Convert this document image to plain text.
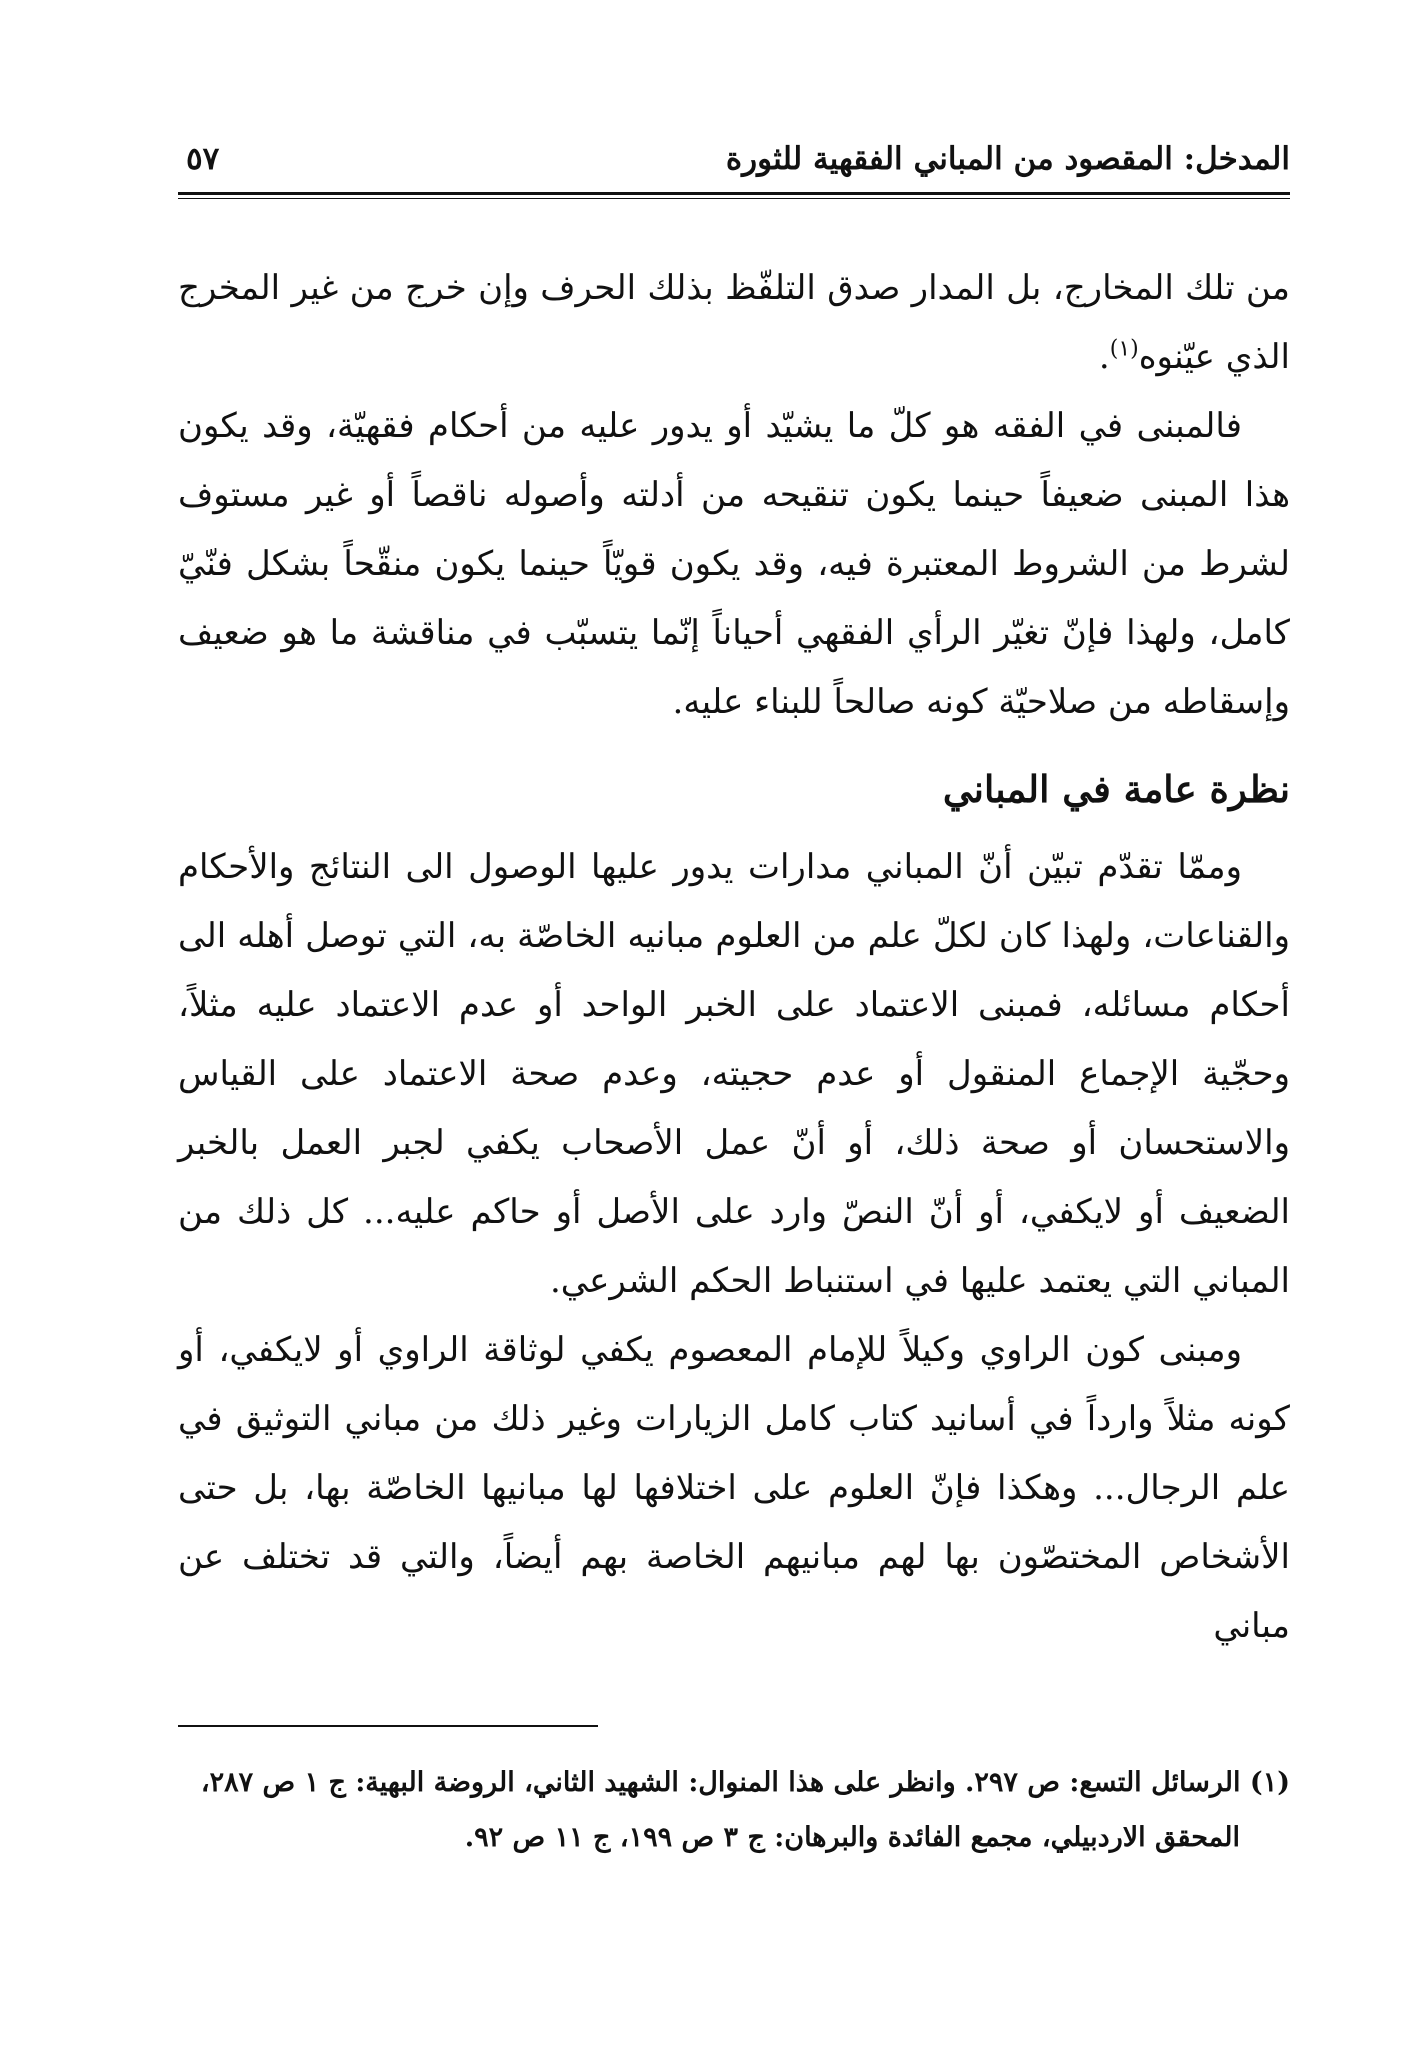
المدخل: المقصود من المباني الفقهية للثورة
٥٧

من تلك المخارج، بل المدار صدق التلفّظ بذلك الحرف وإن خرج من غير المخرج الذي عيّنوه$^{(١)}$.

فالمبنى في الفقه هو كلّ ما يشيّد أو يدور عليه من أحكام فقهيّة، وقد يكون هذا المبنى ضعيفاً حينما يكون تنقيحه من أدلته وأصوله ناقصاً أو غير مستوف لشرط من الشروط المعتبرة فيه، وقد يكون قويّاً حينما يكون منقّحاً بشكل فنّيّ كامل، ولهذا فإنّ تغيّر الرأي الفقهي أحياناً إنّما يتسبّب في مناقشة ما هو ضعيف وإسقاطه من صلاحيّة كونه صالحاً للبناء عليه.

نظرة عامة في المباني

وممّا تقدّم تبيّن أنّ المباني مدارات يدور عليها الوصول الى النتائج والأحكام والقناعات، ولهذا كان لكلّ علم من العلوم مبانيه الخاصّة به، التي توصل أهله الى أحكام مسائله، فمبنى الاعتماد على الخبر الواحد أو عدم الاعتماد عليه مثلاً، وحجّية الإجماع المنقول أو عدم حجيته، وعدم صحة الاعتماد على القياس والاستحسان أو صحة ذلك، أو أنّ عمل الأصحاب يكفي لجبر العمل بالخبر الضعيف أو لايكفي، أو أنّ النصّ وارد على الأصل أو حاكم عليه... كل ذلك من المباني التي يعتمد عليها في استنباط الحكم الشرعي.

ومبنى كون الراوي وكيلاً للإمام المعصوم يكفي لوثاقة الراوي أو لايكفي، أو كونه مثلاً وارداً في أسانيد كتاب كامل الزيارات وغير ذلك من مباني التوثيق في علم الرجال... وهكذا فإنّ العلوم على اختلافها لها مبانيها الخاصّة بها، بل حتى الأشخاص المختصّون بها لهم مبانيهم الخاصة بهم أيضاً، والتي قد تختلف عن مباني

(١) الرسائل التسع: ص ٢٩٧. وانظر على هذا المنوال: الشهيد الثاني، الروضة البهية: ج ١ ص ٢٨٧،

المحقق الاردبيلي، مجمع الفائدة والبرهان: ج ٣ ص ١٩٩، ج ١١ ص ٩٢.
